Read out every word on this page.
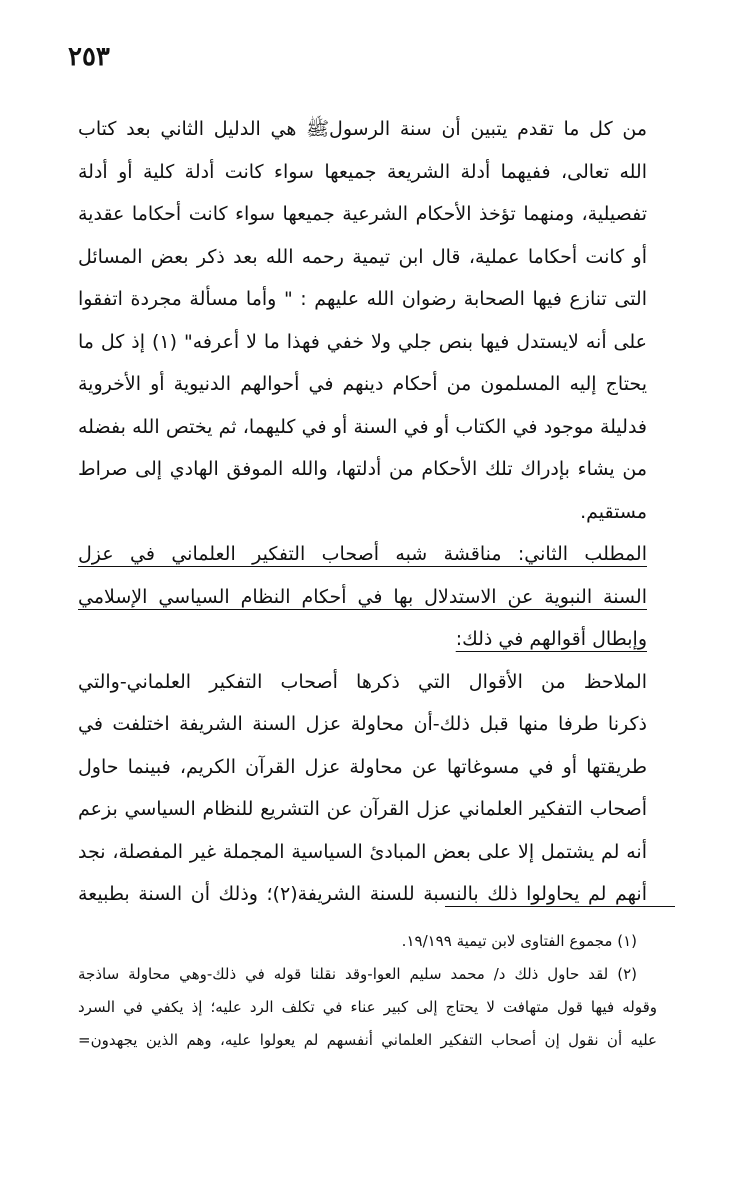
٢٥٣
من كل ما تقدم يتبين أن سنة الرسولﷺ هي الدليل الثاني بعد كتاب
الله تعالى، ففيهما أدلة الشريعة جميعها سواء كانت أدلة كلية أو أدلة
تفصيلية، ومنهما تؤخذ الأحكام الشرعية جميعها سواء كانت أحكاما عقدية
أو كانت أحكاما عملية، قال ابن تيمية رحمه الله بعد ذكر بعض المسائل
التى تنازع فيها الصحابة رضوان الله عليهم : " وأما مسألة مجردة اتفقوا
على أنه لايستدل فيها بنص جلي ولا خفي فهذا ما لا أعرفه" (١) إذ كل ما
يحتاج إليه المسلمون من أحكام دينهم في أحوالهم الدنيوية أو الأخروية
فدليلة موجود في الكتاب أو في السنة أو في كليهما، ثم يختص الله بفضله
من يشاء بإدراك تلك الأحكام من أدلتها، والله الموفق الهادي إلى صراط
مستقيم.
المطلب الثاني: مناقشة شبه أصحاب التفكير العلماني في عزل
السنة النبوية عن الاستدلال بها في أحكام النظام السياسي الإسلامي
وإبطال أقوالهم في ذلك:
الملاحظ من الأقوال التي ذكرها أصحاب التفكير العلماني-والتي
ذكرنا طرفا منها قبل ذلك-أن محاولة عزل السنة الشريفة اختلفت في
طريقتها أو في مسوغاتها عن محاولة عزل القرآن الكريم، فبينما حاول
أصحاب التفكير العلماني عزل القرآن عن التشريع للنظام السياسي بزعم
أنه لم يشتمل إلا على بعض المبادئ السياسية المجملة غير المفصلة، نجد
أنهم لم يحاولوا ذلك بالنسبة للسنة الشريفة(٢)؛ وذلك أن السنة بطبيعة
(١) مجموع الفتاوى لابن تيمية ١٩/١٩٩.
(٢) لقد حاول ذلك د/ محمد سليم العوا-وقد نقلنا قوله في ذلك-وهي محاولة ساذجة
وقوله فيها قول متهافت لا يحتاج إلى كبير عناء في تكلف الرد عليه؛ إذ يكفي في السرد
عليه أن نقول إن أصحاب التفكير العلماني أنفسهم لم يعولوا عليه، وهم الذين يجهدون=
